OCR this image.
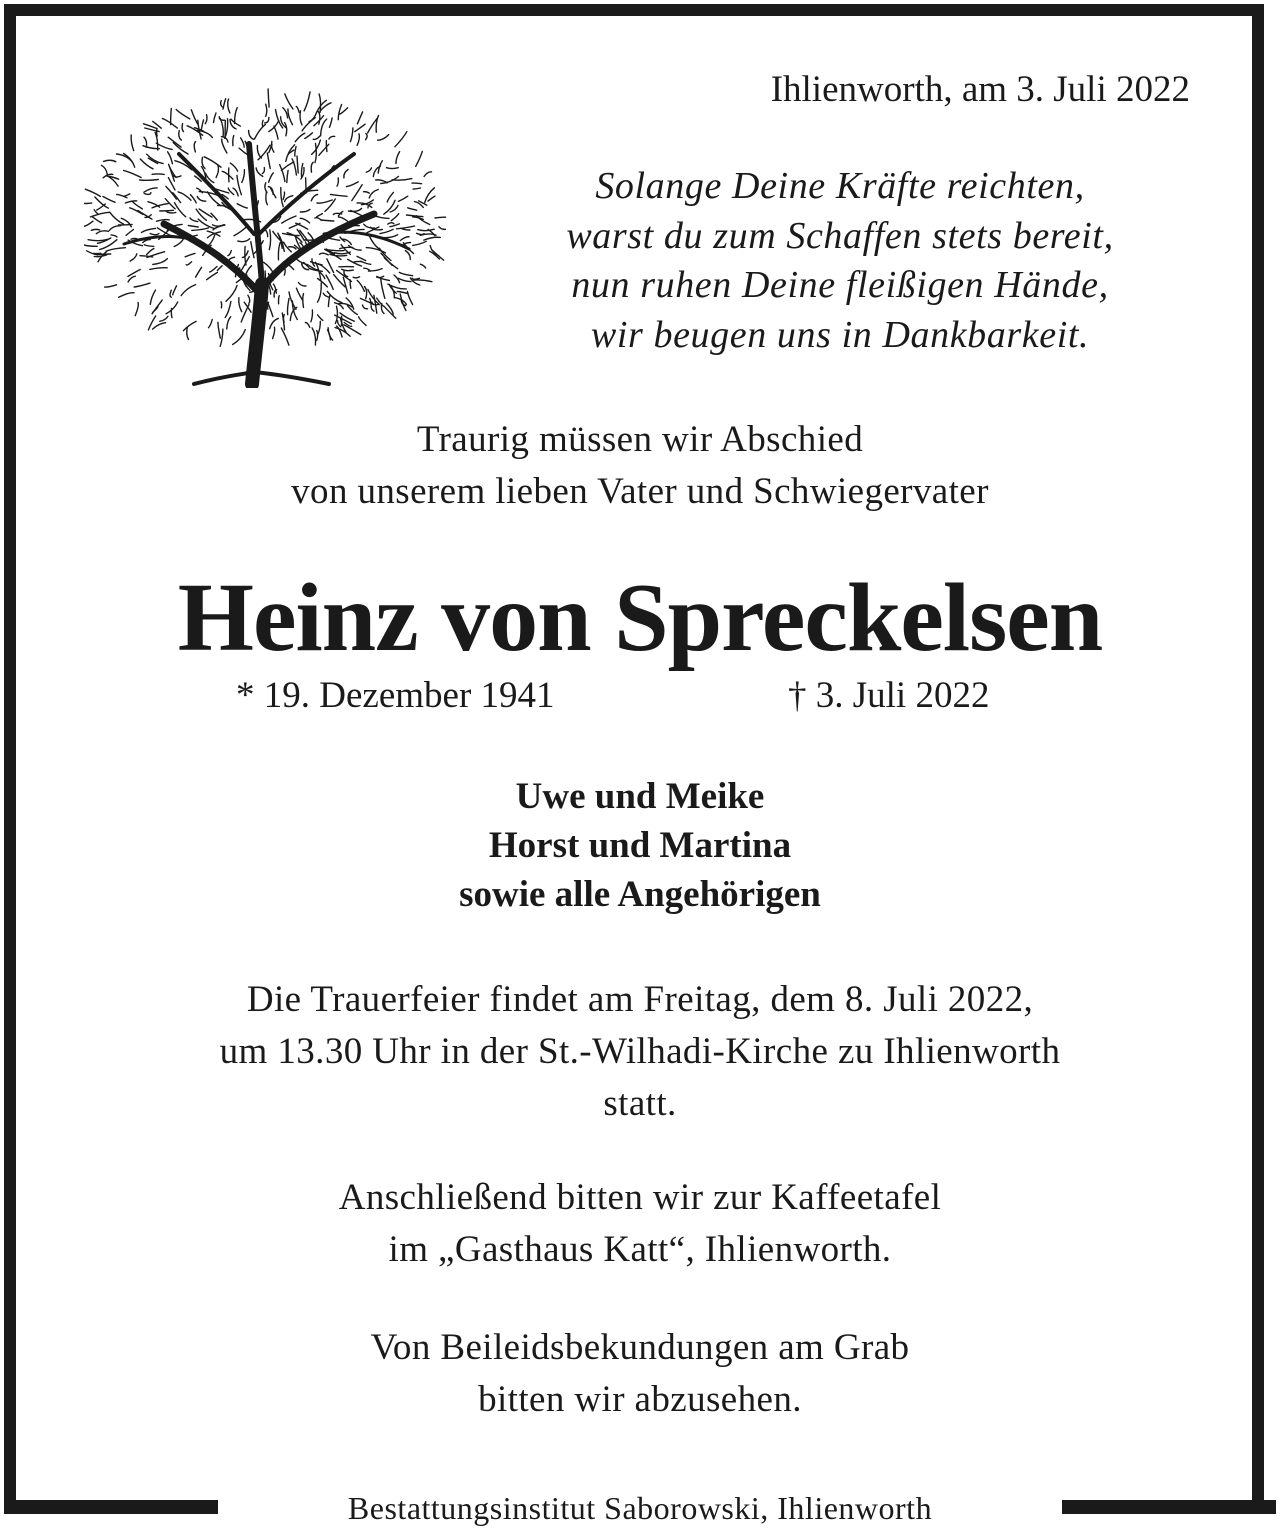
Ihlienworth, am 3. Juli 2022
Solange Deine Kräfte reichten,
warst du zum Schaffen stets bereit,
nun ruhen Deine fleißigen Hände,
wir beugen uns in Dankbarkeit.
Traurig müssen wir Abschied
von unserem lieben Vater und Schwiegervater
Heinz von Spreckelsen
* 19. Dezember 1941	† 3. Juli 2022
Uwe und Meike
Horst und Martina
sowie alle Angehörigen
Die Trauerfeier findet am Freitag, dem 8. Juli 2022,
um 13.30 Uhr in der St.-Wilhadi-Kirche zu Ihlienworth
statt.
Anschließend bitten wir zur Kaffeetafel
im „Gasthaus Katt“, Ihlienworth.
Von Beileidsbekundungen am Grab
bitten wir abzusehen.
Bestattungsinstitut Saborowski, Ihlienworth
